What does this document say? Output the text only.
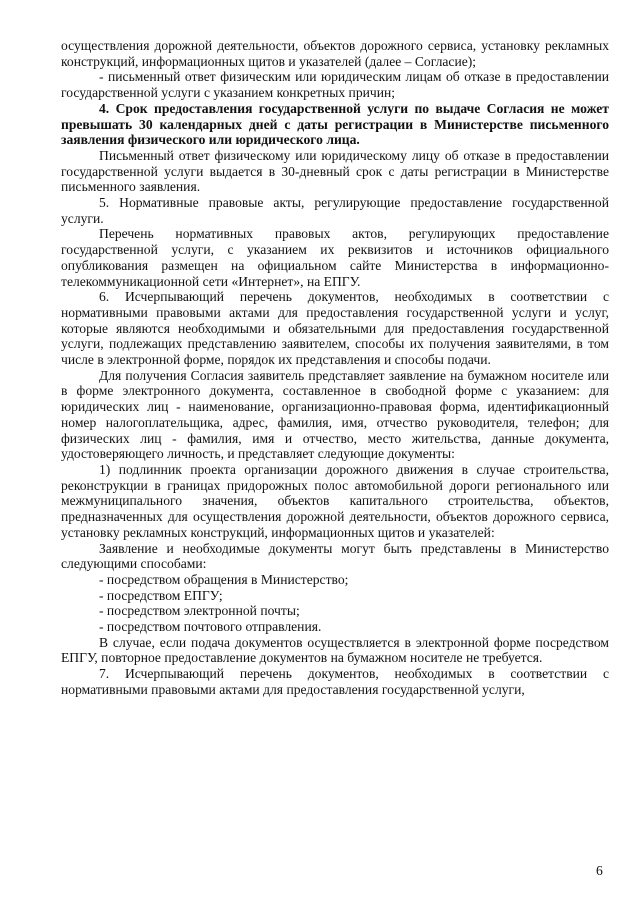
осуществления дорожной деятельности, объектов дорожного сервиса, установку рекламных конструкций, информационных щитов и указателей (далее – Согласие);

- письменный ответ физическим или юридическим лицам об отказе в предоставлении государственной услуги с указанием конкретных причин;

4. Срок предоставления государственной услуги по выдаче Согласия не может превышать 30 календарных дней с даты регистрации в Министерстве письменного заявления физического или юридического лица.

Письменный ответ физическому или юридическому лицу об отказе в предоставлении государственной услуги выдается в 30-дневный срок с даты регистрации в Министерстве письменного заявления.

5. Нормативные правовые акты, регулирующие предоставление государственной услуги.

Перечень нормативных правовых актов, регулирующих предоставление государственной услуги, с указанием их реквизитов и источников официального опубликования размещен на официальном сайте Министерства в информационно-телекоммуникационной сети «Интернет», на ЕПГУ.

6. Исчерпывающий перечень документов, необходимых в соответствии с нормативными правовыми актами для предоставления государственной услуги и услуг, которые являются необходимыми и обязательными для предоставления государственной услуги, подлежащих представлению заявителем, способы их получения заявителями, в том числе в электронной форме, порядок их представления и способы подачи.

Для получения Согласия заявитель представляет заявление на бумажном носителе или в форме электронного документа, составленное в свободной форме с указанием: для юридических лиц - наименование, организационно-правовая форма, идентификационный номер налогоплательщика, адрес, фамилия, имя, отчество руководителя, телефон; для физических лиц - фамилия, имя и отчество, место жительства, данные документа, удостоверяющего личность, и представляет следующие документы:

1) подлинник проекта организации дорожного движения в случае строительства, реконструкции в границах придорожных полос автомобильной дороги регионального или межмуниципального значения, объектов капитального строительства, объектов, предназначенных для осуществления дорожной деятельности, объектов дорожного сервиса, установку рекламных конструкций, информационных щитов и указателей:

Заявление и необходимые документы могут быть представлены в Министерство следующими способами:

- посредством обращения в Министерство;

- посредством ЕПГУ;

- посредством электронной почты;

- посредством почтового отправления.

В случае, если подача документов осуществляется в электронной форме посредством ЕПГУ, повторное предоставление документов на бумажном носителе не требуется.

7. Исчерпывающий перечень документов, необходимых в соответствии с нормативными правовыми актами для предоставления государственной услуги,

6
